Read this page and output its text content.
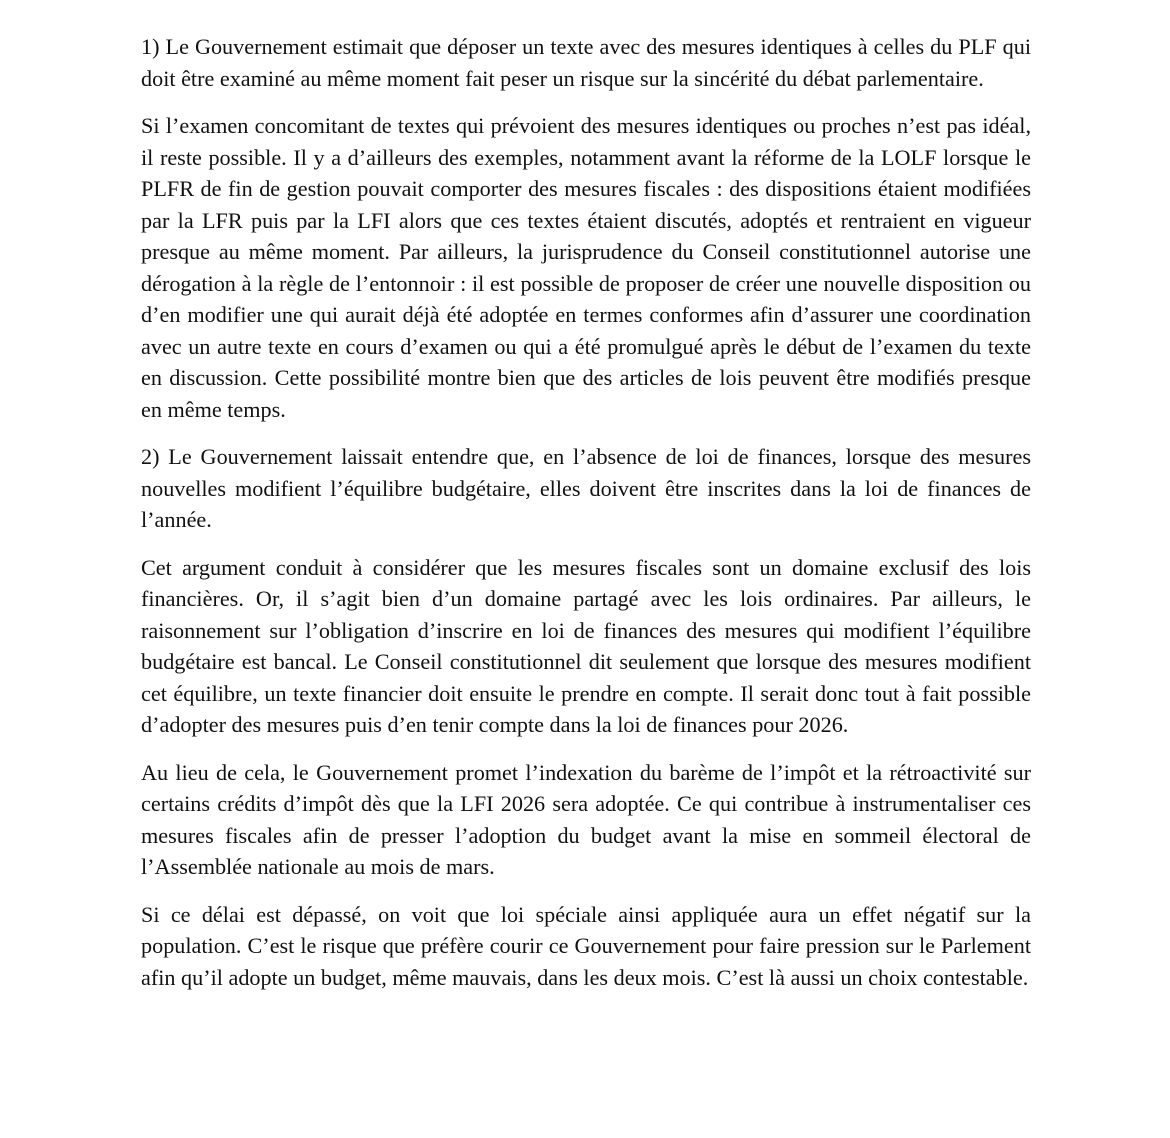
1) Le Gouvernement estimait que déposer un texte avec des mesures identiques à celles du PLF qui doit être examiné au même moment fait peser un risque sur la sincérité du débat parlementaire.

Si l’examen concomitant de textes qui prévoient des mesures identiques ou proches n’est pas idéal, il reste possible. Il y a d’ailleurs des exemples, notamment avant la réforme de la LOLF lorsque le PLFR de fin de gestion pouvait comporter des mesures fiscales : des dispositions étaient modifiées par la LFR puis par la LFI alors que ces textes étaient discutés, adoptés et rentraient en vigueur presque au même moment. Par ailleurs, la jurisprudence du Conseil constitutionnel autorise une dérogation à la règle de l’entonnoir : il est possible de proposer de créer une nouvelle disposition ou d’en modifier une qui aurait déjà été adoptée en termes conformes afin d’assurer une coordination avec un autre texte en cours d’examen ou qui a été promulgué après le début de l’examen du texte en discussion. Cette possibilité montre bien que des articles de lois peuvent être modifiés presque en même temps.

2) Le Gouvernement laissait entendre que, en l’absence de loi de finances, lorsque des mesures nouvelles modifient l’équilibre budgétaire, elles doivent être inscrites dans la loi de finances de l’année.

Cet argument conduit à considérer que les mesures fiscales sont un domaine exclusif des lois financières. Or, il s’agit bien d’un domaine partagé avec les lois ordinaires. Par ailleurs, le raisonnement sur l’obligation d’inscrire en loi de finances des mesures qui modifient l’équilibre budgétaire est bancal. Le Conseil constitutionnel dit seulement que lorsque des mesures modifient cet équilibre, un texte financier doit ensuite le prendre en compte. Il serait donc tout à fait possible d’adopter des mesures puis d’en tenir compte dans la loi de finances pour 2026.

Au lieu de cela, le Gouvernement promet l’indexation du barème de l’impôt et la rétroactivité sur certains crédits d’impôt dès que la LFI 2026 sera adoptée. Ce qui contribue à instrumentaliser ces mesures fiscales afin de presser l’adoption du budget avant la mise en sommeil électoral de l’Assemblée nationale au mois de mars.

Si ce délai est dépassé, on voit que loi spéciale ainsi appliquée aura un effet négatif sur la population. C’est le risque que préfère courir ce Gouvernement pour faire pression sur le Parlement afin qu’il adopte un budget, même mauvais, dans les deux mois. C’est là aussi un choix contestable.
